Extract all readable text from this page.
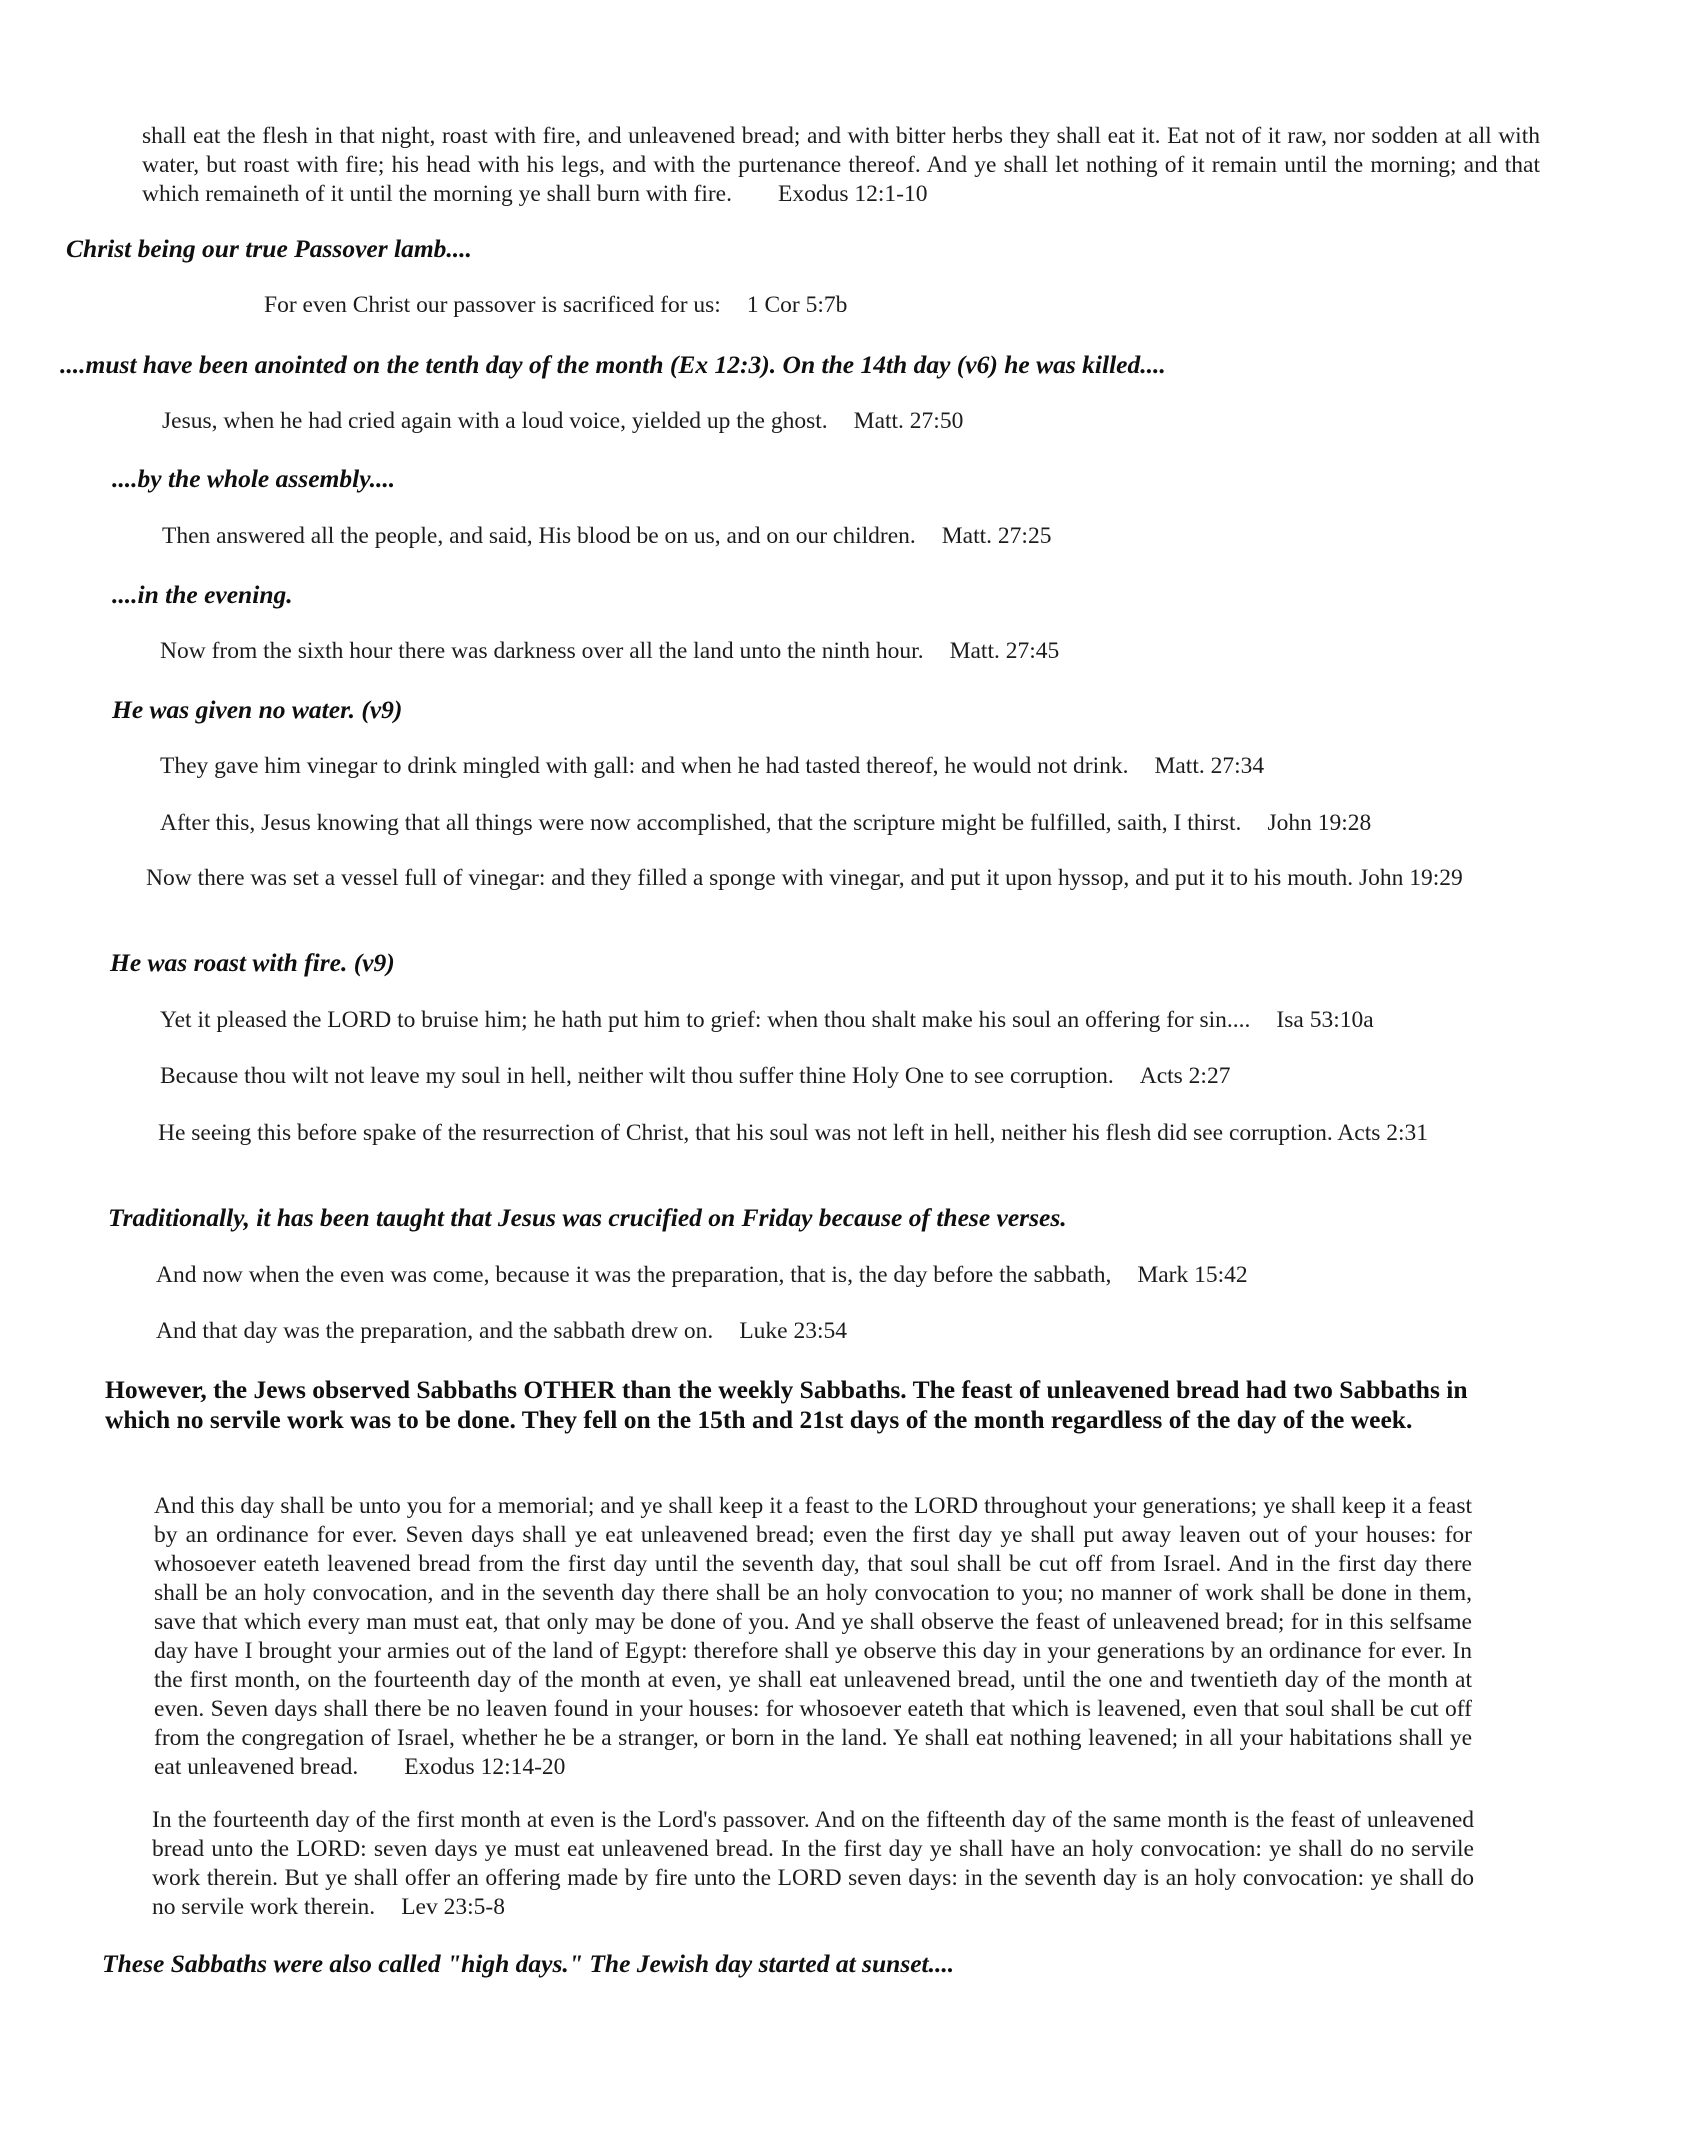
shall eat the flesh in that night, roast with fire, and unleavened bread; and with bitter herbs they shall eat it. Eat not of it raw, nor sodden at all with water, but roast with fire; his head with his legs, and with the purtenance thereof. And ye shall let nothing of it remain until the morning; and that which remaineth of it until the morning ye shall burn with fire. Exodus 12:1-10

Christ being our true Passover lamb....

For even Christ our passover is sacrificed for us: 1 Cor 5:7b

....must have been anointed on the tenth day of the month (Ex 12:3). On the 14th day (v6) he was killed....

Jesus, when he had cried again with a loud voice, yielded up the ghost. Matt. 27:50

....by the whole assembly....

Then answered all the people, and said, His blood be on us, and on our children. Matt. 27:25

....in the evening.

Now from the sixth hour there was darkness over all the land unto the ninth hour. Matt. 27:45

He was given no water. (v9)

They gave him vinegar to drink mingled with gall: and when he had tasted thereof, he would not drink. Matt. 27:34

After this, Jesus knowing that all things were now accomplished, that the scripture might be fulfilled, saith, I thirst. John 19:28

Now there was set a vessel full of vinegar: and they filled a sponge with vinegar, and put it upon hyssop, and put it to his mouth. John 19:29

He was roast with fire. (v9)

Yet it pleased the LORD to bruise him; he hath put him to grief: when thou shalt make his soul an offering for sin.... Isa 53:10a

Because thou wilt not leave my soul in hell, neither wilt thou suffer thine Holy One to see corruption. Acts 2:27

He seeing this before spake of the resurrection of Christ, that his soul was not left in hell, neither his flesh did see corruption. Acts 2:31

Traditionally, it has been taught that Jesus was crucified on Friday because of these verses.

And now when the even was come, because it was the preparation, that is, the day before the sabbath, Mark 15:42

And that day was the preparation, and the sabbath drew on. Luke 23:54

However, the Jews observed Sabbaths OTHER than the weekly Sabbaths. The feast of unleavened bread had two Sabbaths in which no servile work was to be done. They fell on the 15th and 21st days of the month regardless of the day of the week.

And this day shall be unto you for a memorial; and ye shall keep it a feast to the LORD throughout your generations; ye shall keep it a feast by an ordinance for ever. Seven days shall ye eat unleavened bread; even the first day ye shall put away leaven out of your houses: for whosoever eateth leavened bread from the first day until the seventh day, that soul shall be cut off from Israel. And in the first day there shall be an holy convocation, and in the seventh day there shall be an holy convocation to you; no manner of work shall be done in them, save that which every man must eat, that only may be done of you. And ye shall observe the feast of unleavened bread; for in this selfsame day have I brought your armies out of the land of Egypt: therefore shall ye observe this day in your generations by an ordinance for ever. In the first month, on the fourteenth day of the month at even, ye shall eat unleavened bread, until the one and twentieth day of the month at even. Seven days shall there be no leaven found in your houses: for whosoever eateth that which is leavened, even that soul shall be cut off from the congregation of Israel, whether he be a stranger, or born in the land. Ye shall eat nothing leavened; in all your habitations shall ye eat unleavened bread. Exodus 12:14-20

In the fourteenth day of the first month at even is the Lord's passover. And on the fifteenth day of the same month is the feast of unleavened bread unto the LORD: seven days ye must eat unleavened bread. In the first day ye shall have an holy convocation: ye shall do no servile work therein. But ye shall offer an offering made by fire unto the LORD seven days: in the seventh day is an holy convocation: ye shall do no servile work therein. Lev 23:5-8

These Sabbaths were also called "high days." The Jewish day started at sunset....
